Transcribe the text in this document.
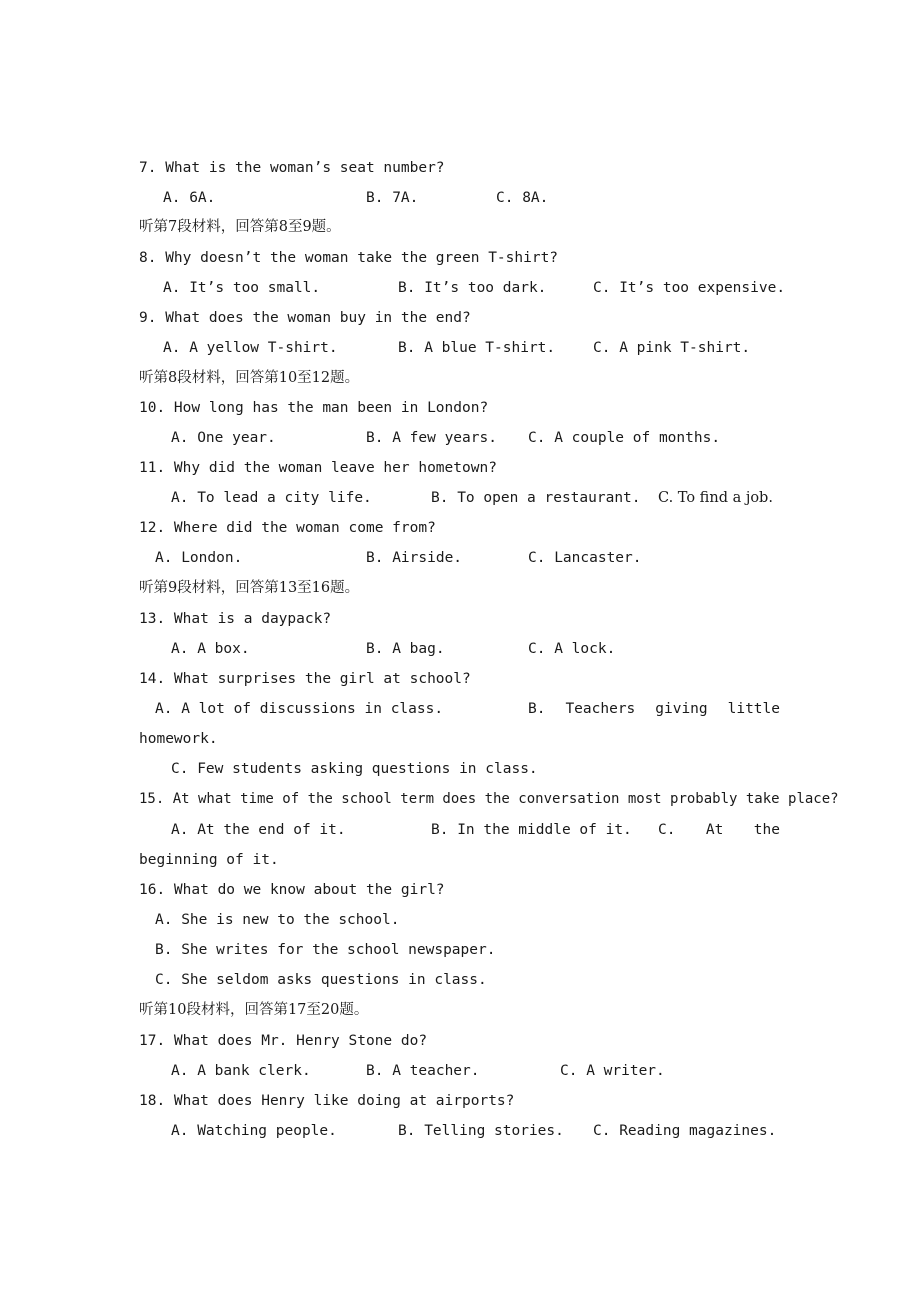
7. What is the woman’s seat number?
A. 6A.	B. 7A.	C. 8A.
听第7段材料，回答第8至9题。
8. Why doesn’t the woman take the green T-shirt?
A. It’s too small.	B. It’s too dark.	C. It’s too expensive.
9. What does the woman buy in the end?
A. A yellow T-shirt.	B. A blue T-shirt.	C. A pink T-shirt.
听第8段材料，回答第10至12题。
10. How long has the man been in London?
A. One year.	B. A few years. C. A couple of months.
11. Why did the woman leave her hometown?
A. To lead a city life.	B. To open a restaurant. C. To find a job.
12. Where did the woman come from?
A. London.	B. Airside.	C. Lancaster.
听第9段材料，回答第13至16题。
13. What is a daypack?
A. A box.	B. A bag.	C. A lock.
14. What surprises the girl at school?
A. A lot of discussions in class.	B. Teachers giving little
homework.
C. Few students asking questions in class.
15. At what time of the school term does the conversation most probably take place?
A. At the end of it.	B. In the middle of it. C. At the
beginning of it.
16. What do we know about the girl?
A. She is new to the school.
B. She writes for the school newspaper.
C. She seldom asks questions in class.
听第10段材料，回答第17至20题。
17. What does Mr. Henry Stone do?
A. A bank clerk.	B. A teacher.	C. A writer.
18. What does Henry like doing at airports?
A. Watching people.	B. Telling stories. C. Reading magazines.
